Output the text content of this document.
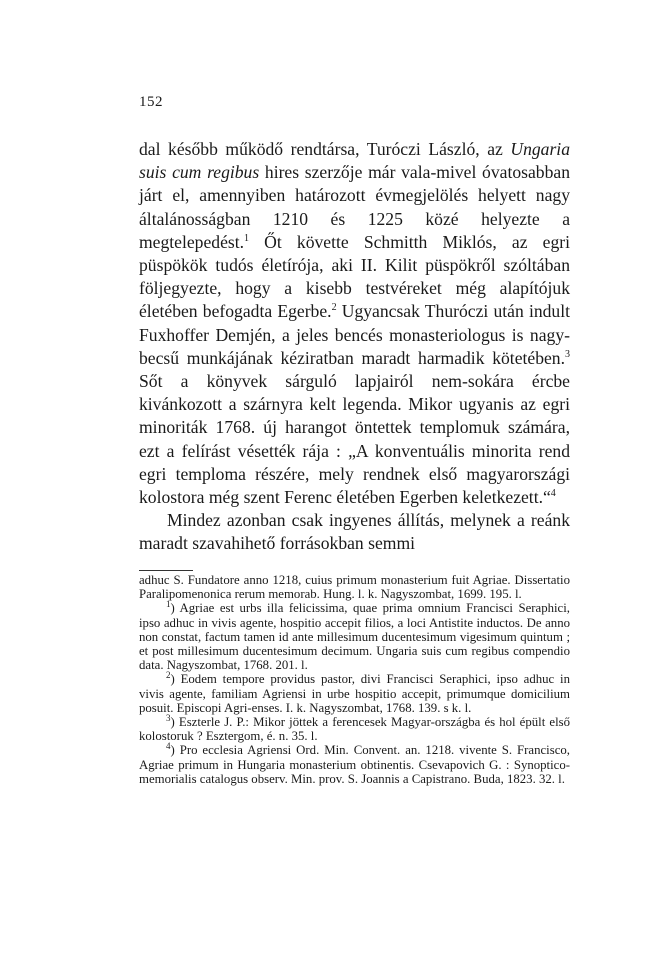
152

dal később működő rendtársa, Turóczi László, az Ungaria suis cum regibus hires szerzője már vala-mivel óvatosabban járt el, amennyiben határozott évmegjelölés helyett nagy általánosságban 1210 és 1225 közé helyezte a megtelepedést.$^1$ Őt követte Schmitth Miklós, az egri püspökök tudós életírója, aki II. Kilit püspökről szóltában följegyezte, hogy a kisebb testvéreket még alapítójuk életében befogadta Egerbe.$^2$ Ugyancsak Thuróczi után indult Fuxhoffer Demjén, a jeles bencés monasteriologus is nagy-becsű munkájának kéziratban maradt harmadik kötetében.$^3$ Sőt a könyvek sárguló lapjairól nem-sokára ércbe kivánkozott a szárnyra kelt legenda. Mikor ugyanis az egri minoriták 1768. új harangot öntettek templomuk számára, ezt a felírást vésették rája : „A konventuális minorita rend egri temploma részére, mely rendnek első magyarországi kolostora még szent Ferenc életében Egerben keletkezett.“$^4$

Mindez azonban csak ingyenes állítás, melynek a reánk maradt szavahihető forrásokban semmi

adhuc S. Fundatore anno 1218, cuius primum monasterium fuit Agriae. Dissertatio Paralipomenonica rerum memorab. Hung. l. k. Nagyszombat, 1699. 195. l.

$^1$) Agriae est urbs illa felicissima, quae prima omnium Francisci Seraphici, ipso adhuc in vivis agente, hospitio accepit filios, a loci Antistite inductos. De anno non constat, factum tamen id ante millesimum ducentesimum vigesimum quintum ; et post millesimum ducentesimum decimum. Ungaria suis cum regibus compendio data. Nagyszombat, 1768. 201. l.

$^2$) Eodem tempore providus pastor, divi Francisci Seraphici, ipso adhuc in vivis agente, familiam Agriensi in urbe hospitio accepit, primumque domicilium posuit. Episcopi Agri-enses. I. k. Nagyszombat, 1768. 139. s k. l.

$^3$) Eszterle J. P.: Mikor jöttek a ferencesek Magyar-országba és hol épült első kolostoruk ? Esztergom, é. n. 35. l.

$^4$) Pro ecclesia Agriensi Ord. Min. Convent. an. 1218. vivente S. Francisco, Agriae primum in Hungaria monasterium obtinentis. Csevapovich G. : Synoptico-memorialis catalogus observ. Min. prov. S. Joannis a Capistrano. Buda, 1823. 32. l.
